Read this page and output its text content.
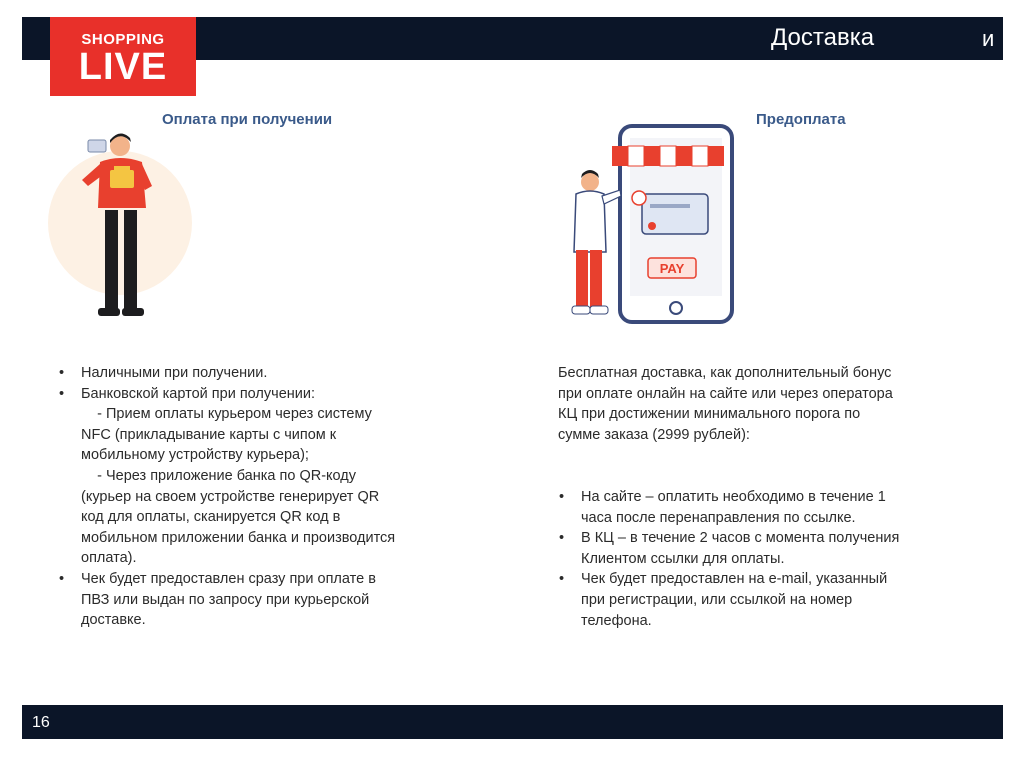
Доставка	и
SHOPPING
LIVE
Оплата при получении
• Наличными при получении.
• Банковской картой при получении:
- Прием оплаты курьером через систему NFC (прикладывание карты с чипом к мобильному устройству курьера);
- Через приложение банка по QR-коду (курьер на своем устройстве генерирует QR код для оплаты, сканируется QR код в мобильном приложении банка и производится оплата).
• Чек будет предоставлен сразу при оплате в ПВЗ или выдан по запросу при курьерской доставке.
Предоплата
PAY

Бесплатная доставка, как дополнительный бонус при оплате онлайн на сайте или через оператора КЦ при достижении минимального порога по сумме заказа (2999 рублей):

• На сайте – оплатить необходимо в течение 1 часа после перенаправления по ссылке.
• В КЦ – в течение 2 часов с момента получения Клиентом ссылки для оплаты.
• Чек будет предоставлен на e-mail, указанный при регистрации, или ссылкой на номер телефона.
16
